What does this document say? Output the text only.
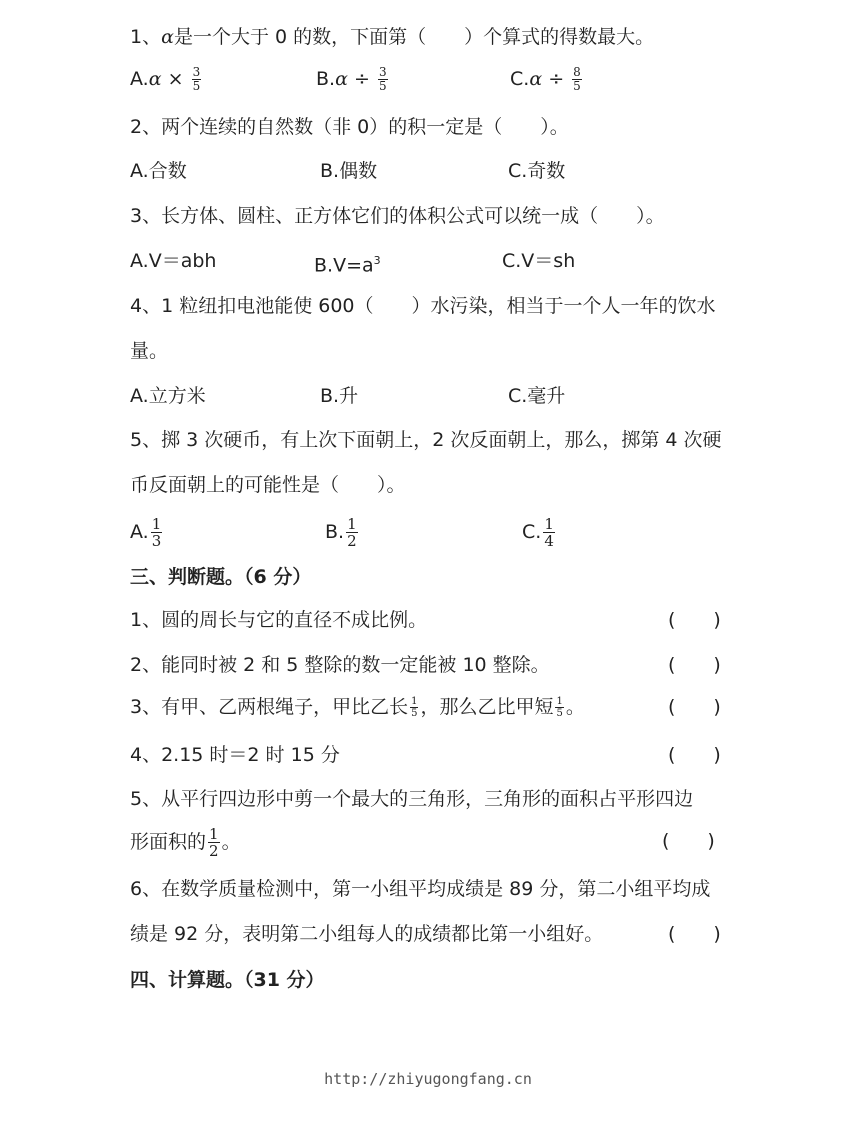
1、α是一个大于 0 的数，下面第（　　）个算式的得数最大。
$A.\alpha \times \frac{3}{5}$	$B.\alpha \div \frac{3}{5}$	$C.\alpha \div \frac{8}{5}$
2、两个连续的自然数（非 0）的积一定是（　　）。
A.合数	B.偶数	C.奇数
3、长方体、圆柱、正方体它们的体积公式可以统一成（　　）。
A.V＝abh	$B.V=a^3$	C.V＝sh
4、1 粒纽扣电池能使 600（　　）水污染，相当于一个人一年的饮水量。
A.立方米	B.升	C.毫升
5、掷 3 次硬币，有上次下面朝上，2 次反面朝上，那么，掷第 4 次硬币反面朝上的可能性是（　　）。
A. $\frac{1}{3}$	B. $\frac{1}{2}$	C. $\frac{1}{4}$
三、判断题。（6 分）
1、圆的周长与它的直径不成比例。	(　　)
2、能同时被 2 和 5 整除的数一定能被 10 整除。	(　　)
3、有甲、乙两根绳子，甲比乙长 $\frac{1}{5}$ ，那么乙比甲短 $\frac{1}{5}$ 。	(　　)
4、2.15 时＝2 时 15 分	(　　)
5、从平行四边形中剪一个最大的三角形，三角形的面积占平形四边
形面积的 $\frac{1}{2}$ 。	(　　)
6、在数学质量检测中，第一小组平均成绩是 89 分，第二小组平均成
绩是 92 分，表明第二小组每人的成绩都比第一小组好。	(　　)
四、计算题。（31 分）
http://zhiyugongfang.cn
